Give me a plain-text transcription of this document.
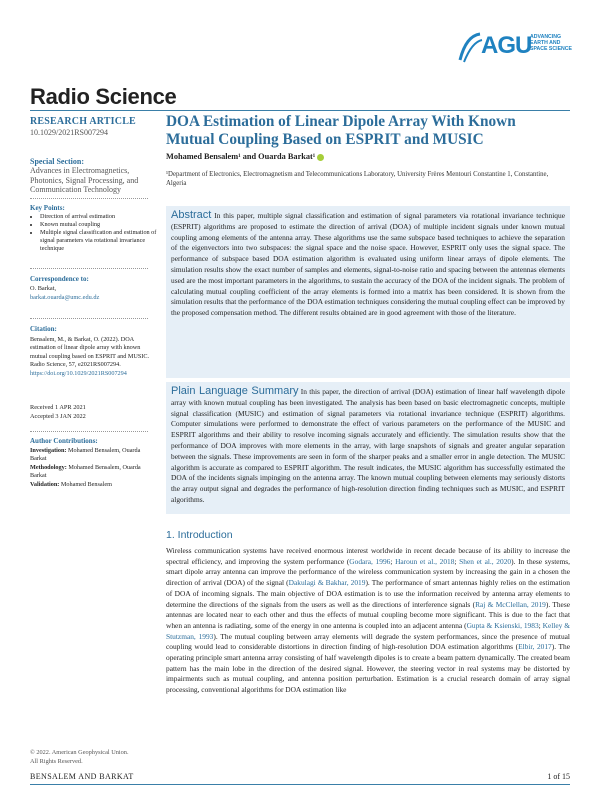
AGU
ADVANCING
EARTH AND
SPACE SCIENCE
Radio Science
RESEARCH ARTICLE
10.1029/2021RS007294
Special Section:
Advances in Electromagnetics, Photonics, Signal Processing, and Communication Technology
Key Points:
• Direction of arrival estimation
• Known mutual coupling
• Multiple signal classification and estimation of signal parameters via rotational invariance technique
Correspondence to:
O. Barkat,
barkat.ouarda@umc.edu.dz
Citation:
Bensalem, M., & Barkat, O. (2022). DOA estimation of linear dipole array with known mutual coupling based on ESPRIT and MUSIC. Radio Science, 57, e2021RS007294. https://doi.org/10.1029/2021RS007294
Received 1 APR 2021
Accepted 3 JAN 2022
Author Contributions:
Investigation: Mohamed Bensalem, Ouarda Barkat
Methodology: Mohamed Bensalem, Ouarda Barkat
Validation: Mohamed Bensalem
© 2022. American Geophysical Union.
All Rights Reserved.
DOA Estimation of Linear Dipole Array With Known Mutual Coupling Based on ESPRIT and MUSIC
Mohamed Bensalem¹ and Ouarda Barkat¹
¹Department of Electronics, Electromagnetism and Telecommunications Laboratory, University Frères Mentouri Constantine 1, Constantine, Algeria
Abstract In this paper, multiple signal classification and estimation of signal parameters via rotational invariance technique (ESPRIT) algorithms are proposed to estimate the direction of arrival (DOA) of multiple incident signals under known mutual coupling among elements of the antenna array. These algorithms use the same subspace based techniques to achieve the separation of the eigenvectors into two subspaces: the signal space and the noise space. However, ESPRIT only uses the signal space. The performance of subspace based DOA estimation algorithm is evaluated using uniform linear arrays of dipole elements. The simulation results show the exact number of samples and elements, signal-to-noise ratio and spacing between the antennas elements used are the most important parameters in the algorithms, to sustain the accuracy of the DOA of the incident signals. The problem of calculating mutual coupling coefficient of the array elements is formed into a matrix has been considered. It is shown from the simulation results that the performance of the DOA estimation techniques considering the mutual coupling effect can be improved by the proposed compensation method. The different results obtained are in good agreement with those of the literature.
Plain Language Summary In this paper, the direction of arrival (DOA) estimation of linear half wavelength dipole array with known mutual coupling has been investigated. The analysis has been based on basic electromagnetic concepts, multiple signal classification (MUSIC) and estimation of signal parameters via rotational invariance technique (ESPRIT) algorithms. Computer simulations were performed to demonstrate the effect of various parameters on the performance of the MUSIC and ESPRIT algorithms and their ability to resolve incoming signals accurately and efficiently. The simulation results show that the performance of DOA improves with more elements in the array, with large snapshots of signals and greater angular separation between the signals. These improvements are seen in form of the sharper peaks and a smaller error in angle detection. The MUSIC algorithm is accurate as compared to ESPRIT algorithm. The result indicates, the MUSIC algorithm has successfully estimated the DOA of the incidents signals impinging on the antenna array. The known mutual coupling between elements may seriously distorts the array output signal and degrades the performance of high-resolution direction finding techniques such as MUSIC, and ESPRIT algorithms.
1. Introduction
Wireless communication systems have received enormous interest worldwide in recent decade because of its ability to increase the spectral efficiency, and improving the system performance (Godara, 1996; Haroun et al., 2018; Shen et al., 2020). In these systems, smart dipole array antenna can improve the performance of the wireless communication system by increasing the gain in a chosen the direction of arrival (DOA) of the signal (Dakulagi & Bakhar, 2019). The performance of smart antennas highly relies on the estimation of DOA of incoming signals. The main objective of DOA estimation is to use the information received by antenna array elements to determine the directions of the signals from the users as well as the directions of interference signals (Raj & McClellan, 2019). These antennas are located near to each other and thus the effects of mutual coupling become more significant. This is due to the fact that when an antenna is radiating, some of the energy in one antenna is coupled into an adjacent antenna (Gupta & Ksienski, 1983; Kelley & Stutzman, 1993). The mutual coupling between array elements will degrade the system performances, since the presence of mutual coupling would lead to considerable distortions in direction finding of high-resolution DOA estimation algorithms (Elbir, 2017). The operating principle smart antenna array consisting of half wavelength dipoles is to create a beam pattern dynamically. The created beam pattern has the main lobe in the direction of the desired signal. However, the steering vector in real systems may be distorted by impairments such as mutual coupling, and antenna position perturbation. Estimation is a crucial research domain of array signal processing, conventional algorithms for DOA estimation like
BENSALEM AND BARKAT	1 of 15
